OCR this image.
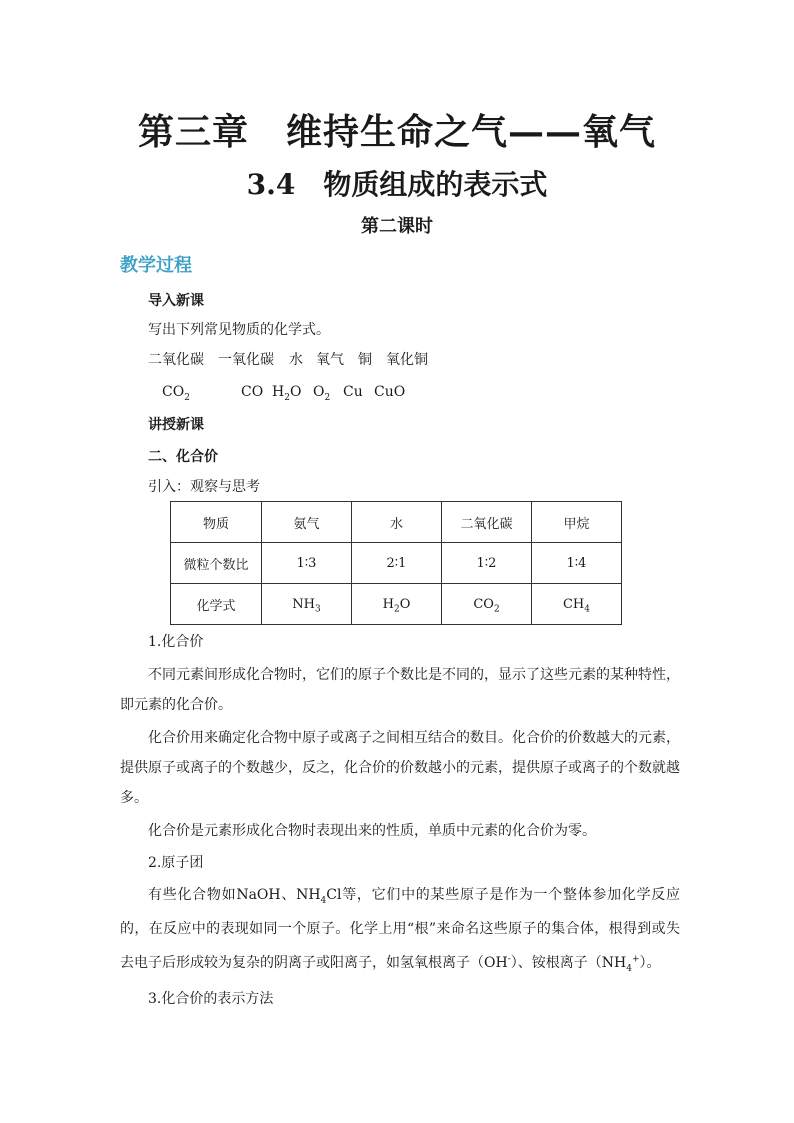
第三章　维持生命之气——氧气
3.4　物质组成的表示式
第二课时
教学过程
导入新课
写出下列常见物质的化学式。
二氧化碳 一氧化碳 水 氧气 铜 氧化铜
$CO_2$	CO $H_2O$ $O_2$ Cu CuO
讲授新课
二、化合价
引入：观察与思考
物质	氨气	水	二氧化碳	甲烷
微粒个数比	1∶3	2∶1	1∶2	1∶4
化学式	$NH_3$	$H_2O$	$CO_2$	$CH_4$
1.化合价
不同元素间形成化合物时，它们的原子个数比是不同的，显示了这些元素的某种特性，即元素的化合价。
化合价用来确定化合物中原子或离子之间相互结合的数目。化合价的价数越大的元素，提供原子或离子的个数越少，反之，化合价的价数越小的元素，提供原子或离子的个数就越多。
化合价是元素形成化合物时表现出来的性质，单质中元素的化合价为零。
2.原子团
有些化合物如NaOH、$NH_4Cl$等，它们中的某些原子是作为一个整体参加化学反应的，在反应中的表现如同一个原子。化学上用“根”来命名这些原子的集合体，根得到或失去电子后形成较为复杂的阴离子或阳离子，如氢氧根离子（OH-）、铵根离子$(NH_4^+)$。
3.化合价的表示方法
